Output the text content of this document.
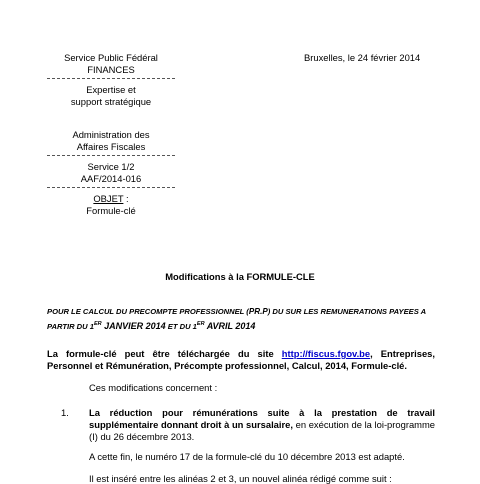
Service Public Fédéral
FINANCES
Expertise et
support stratégique
Administration des
Affaires Fiscales
Service 1/2
AAF/2014-016
OBJET :
Formule-clé
Bruxelles, le 24 février 2014
Modifications à la FORMULE-CLE
POUR LE CALCUL DU PRECOMPTE PROFESSIONNEL (PR.P) DU SUR LES REMUNERATIONS PAYEES A
PARTIR DU 1ER JANVIER 2014 ET DU 1ER AVRIL 2014
La formule-clé peut être téléchargée du site http://fiscus.fgov.be, Entreprises, Personnel et Rémunération, Précompte professionnel, Calcul, 2014, Formule-clé.
Ces modifications concernent :
1. La réduction pour rémunérations suite à la prestation de travail supplémentaire donnant droit à un sursalaire, en exécution de la loi-programme (I) du 26 décembre 2013.
A cette fin, le numéro 17 de la formule-clé du 10 décembre 2013 est adapté.
Il est inséré entre les alinéas 2 et 3, un nouvel alinéa rédigé comme suit :
